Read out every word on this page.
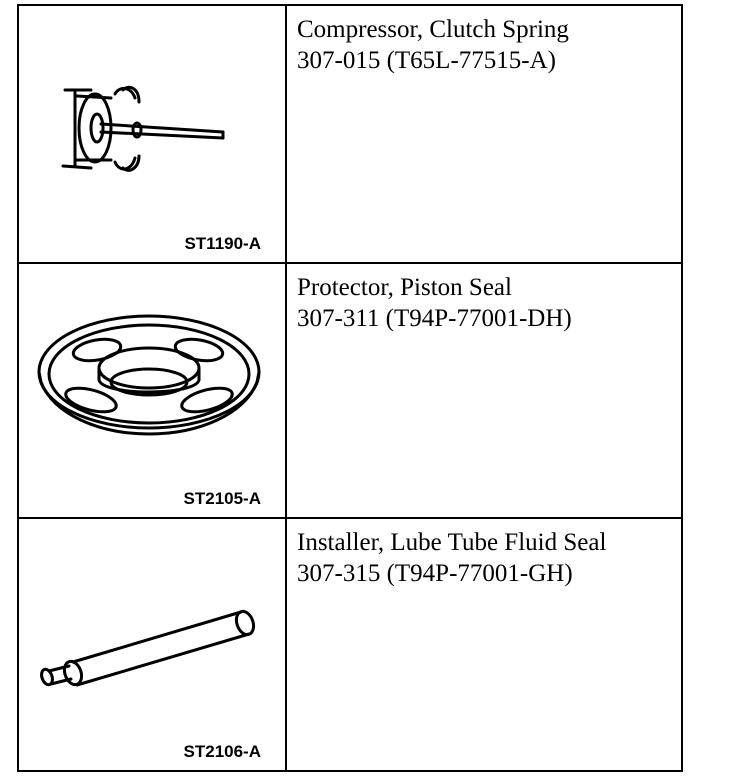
ST1190-A
Compressor, Clutch Spring
307-015 (T65L-77515-A)
ST2105-A
Protector, Piston Seal
307-311 (T94P-77001-DH)
ST2106-A
Installer, Lube Tube Fluid Seal
307-315 (T94P-77001-GH)
